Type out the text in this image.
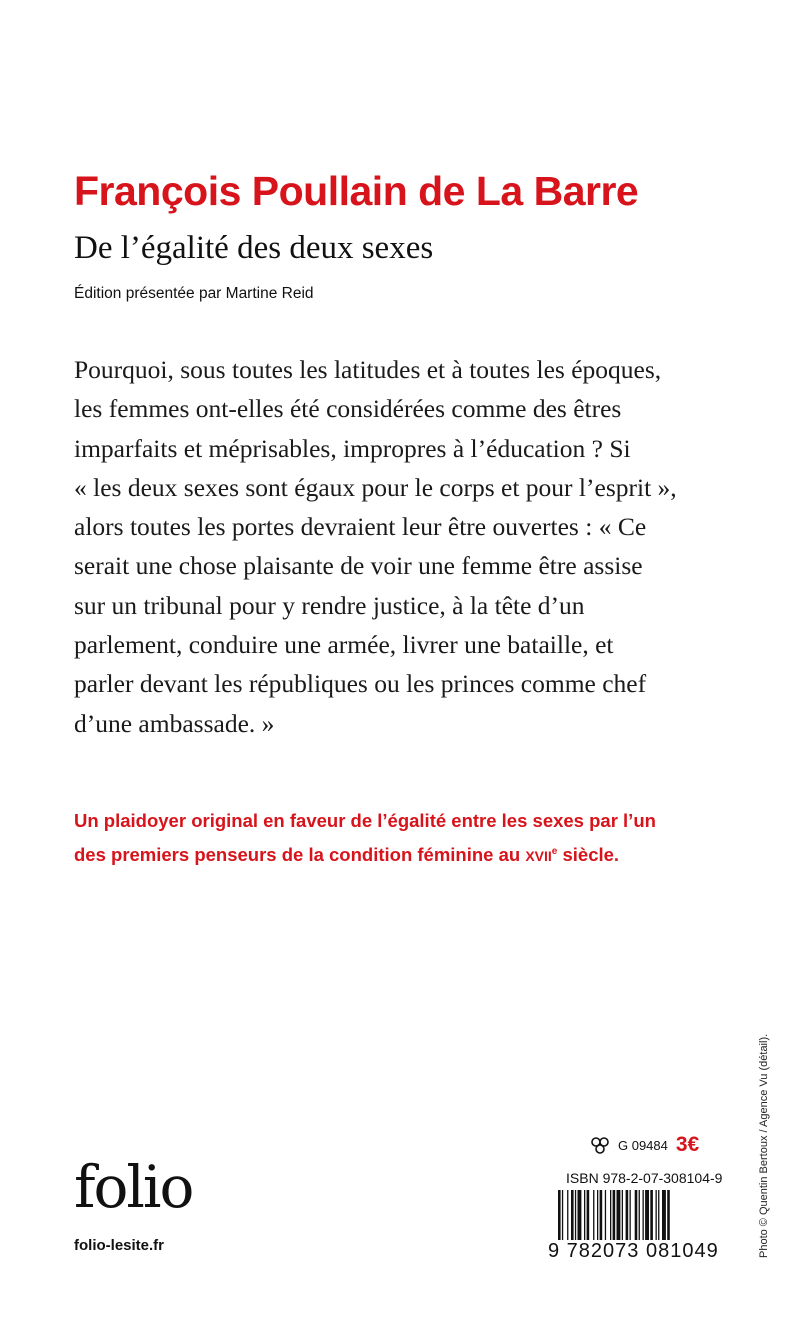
François Poullain de La Barre
De l’égalité des deux sexes
Édition présentée par Martine Reid
Pourquoi, sous toutes les latitudes et à toutes les époques,
les femmes ont-elles été considérées comme des êtres
imparfaits et méprisables, impropres à l’éducation ? Si
« les deux sexes sont égaux pour le corps et pour l’esprit »,
alors toutes les portes devraient leur être ouvertes : « Ce
serait une chose plaisante de voir une femme être assise
sur un tribunal pour y rendre justice, à la tête d’un
parlement, conduire une armée, livrer une bataille, et
parler devant les républiques ou les princes comme chef
d’une ambassade. »
Un plaidoyer original en faveur de l’égalité entre les sexes par l’un
des premiers penseurs de la condition féminine au XVIIe siècle.
Photo © Quentin Bertoux / Agence Vu (détail).
folio
folio-lesite.fr
G 09484 3€
ISBN 978-2-07-308104-9
9 782073 081049
